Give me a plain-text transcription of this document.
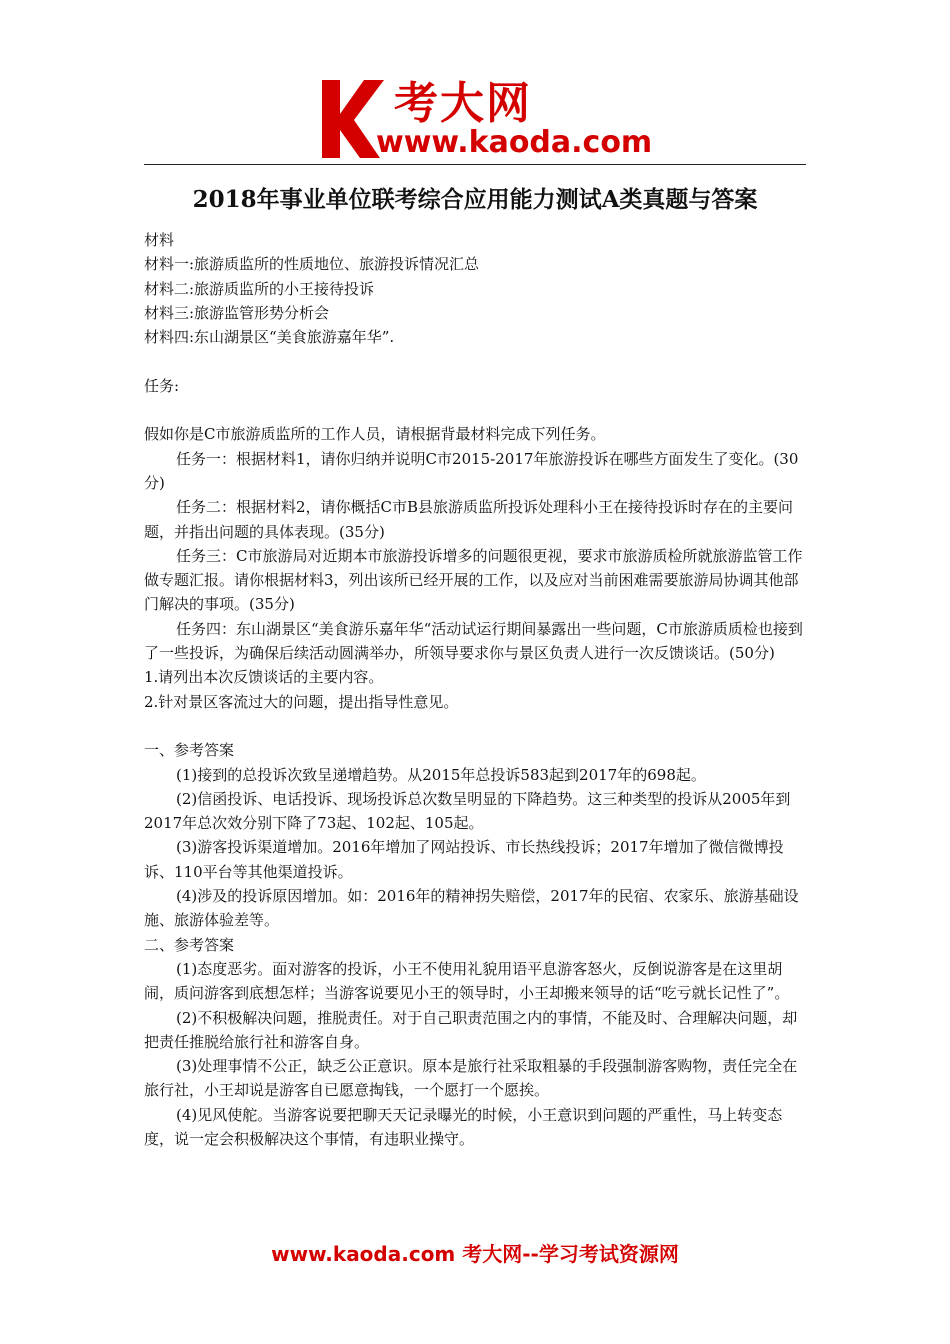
考大网
www.kaoda.com
2018年事业单位联考综合应用能力测试A类真题与答案

材料

材料一:旅游质监所的性质地位、旅游投诉情况汇总

材料二:旅游质监所的小王接待投诉

材料三:旅游监管形势分析会

材料四:东山湖景区“美食旅游嘉年华”.

任务:

假如你是C市旅游质监所的工作人员，请根据背最材料完成下列任务。

任务一：根据材料1，请你归纳并说明C市2015-2017年旅游投诉在哪些方面发生了变化。(30分)

任务二：根据材料2，请你概括C市B县旅游质监所投诉处理科小王在接待投诉时存在的主要问题，并指出问题的具体表现。(35分)

任务三：C市旅游局对近期本市旅游投诉增多的问题很更视，要求市旅游质检所就旅游监管工作做专题汇报。请你根据材料3，列出该所已经开展的工作，以及应对当前困难需要旅游局协调其他部门解决的事项。(35分)

任务四：东山湖景区“美食游乐嘉年华“活动试运行期间暴露出一些问题，C市旅游质质检也接到了一些投诉，为确保后续活动圆满举办，所领导要求你与景区负责人进行一次反馈谈话。(50分)

1.请列出本次反馈谈话的主要内容。

2.针对景区客流过大的问题，提出指导性意见。

一、参考答案

(1)接到的总投诉次致呈递增趋势。从2015年总投诉583起到2017年的698起。

(2)信函投诉、电话投诉、现场投诉总次数呈明显的下降趋势。这三种类型的投诉从2005年到2017年总次效分别下降了73起、102起、105起。

(3)游客投诉渠道增加。2016年增加了网站投诉、市长热线投诉；2017年增加了微信微博投诉、110平台等其他渠道投诉。

(4)涉及的投诉原因增加。如：2016年的精神拐失赔偿，2017年的民宿、农家乐、旅游基础设施、旅游体验差等。

二、参考答案

(1)态度恶劣。面对游客的投诉，小王不使用礼貌用语平息游客怒火，反倒说游客是在这里胡闹，质问游客到底想怎样；当游客说要见小王的领导时，小王却搬来领导的话“吃亏就长记性了”。

(2)不积极解决问题，推脱责任。对于自己职责范围之内的事情，不能及时、合理解决问题，却把责任推脱给旅行社和游客自身。

(3)处理事情不公正，缺乏公正意识。原本是旅行社采取粗暴的手段强制游客购物，责任完全在旅行社，小王却说是游客自已愿意掏钱，一个愿打一个愿挨。

(4)见风使舵。当游客说要把聊天天记录曝光的时候，小王意识到问题的严重性，马上转变态度，说一定会积极解决这个事情，有违职业操守。

www.kaoda.com 考大网--学习考试资源网
